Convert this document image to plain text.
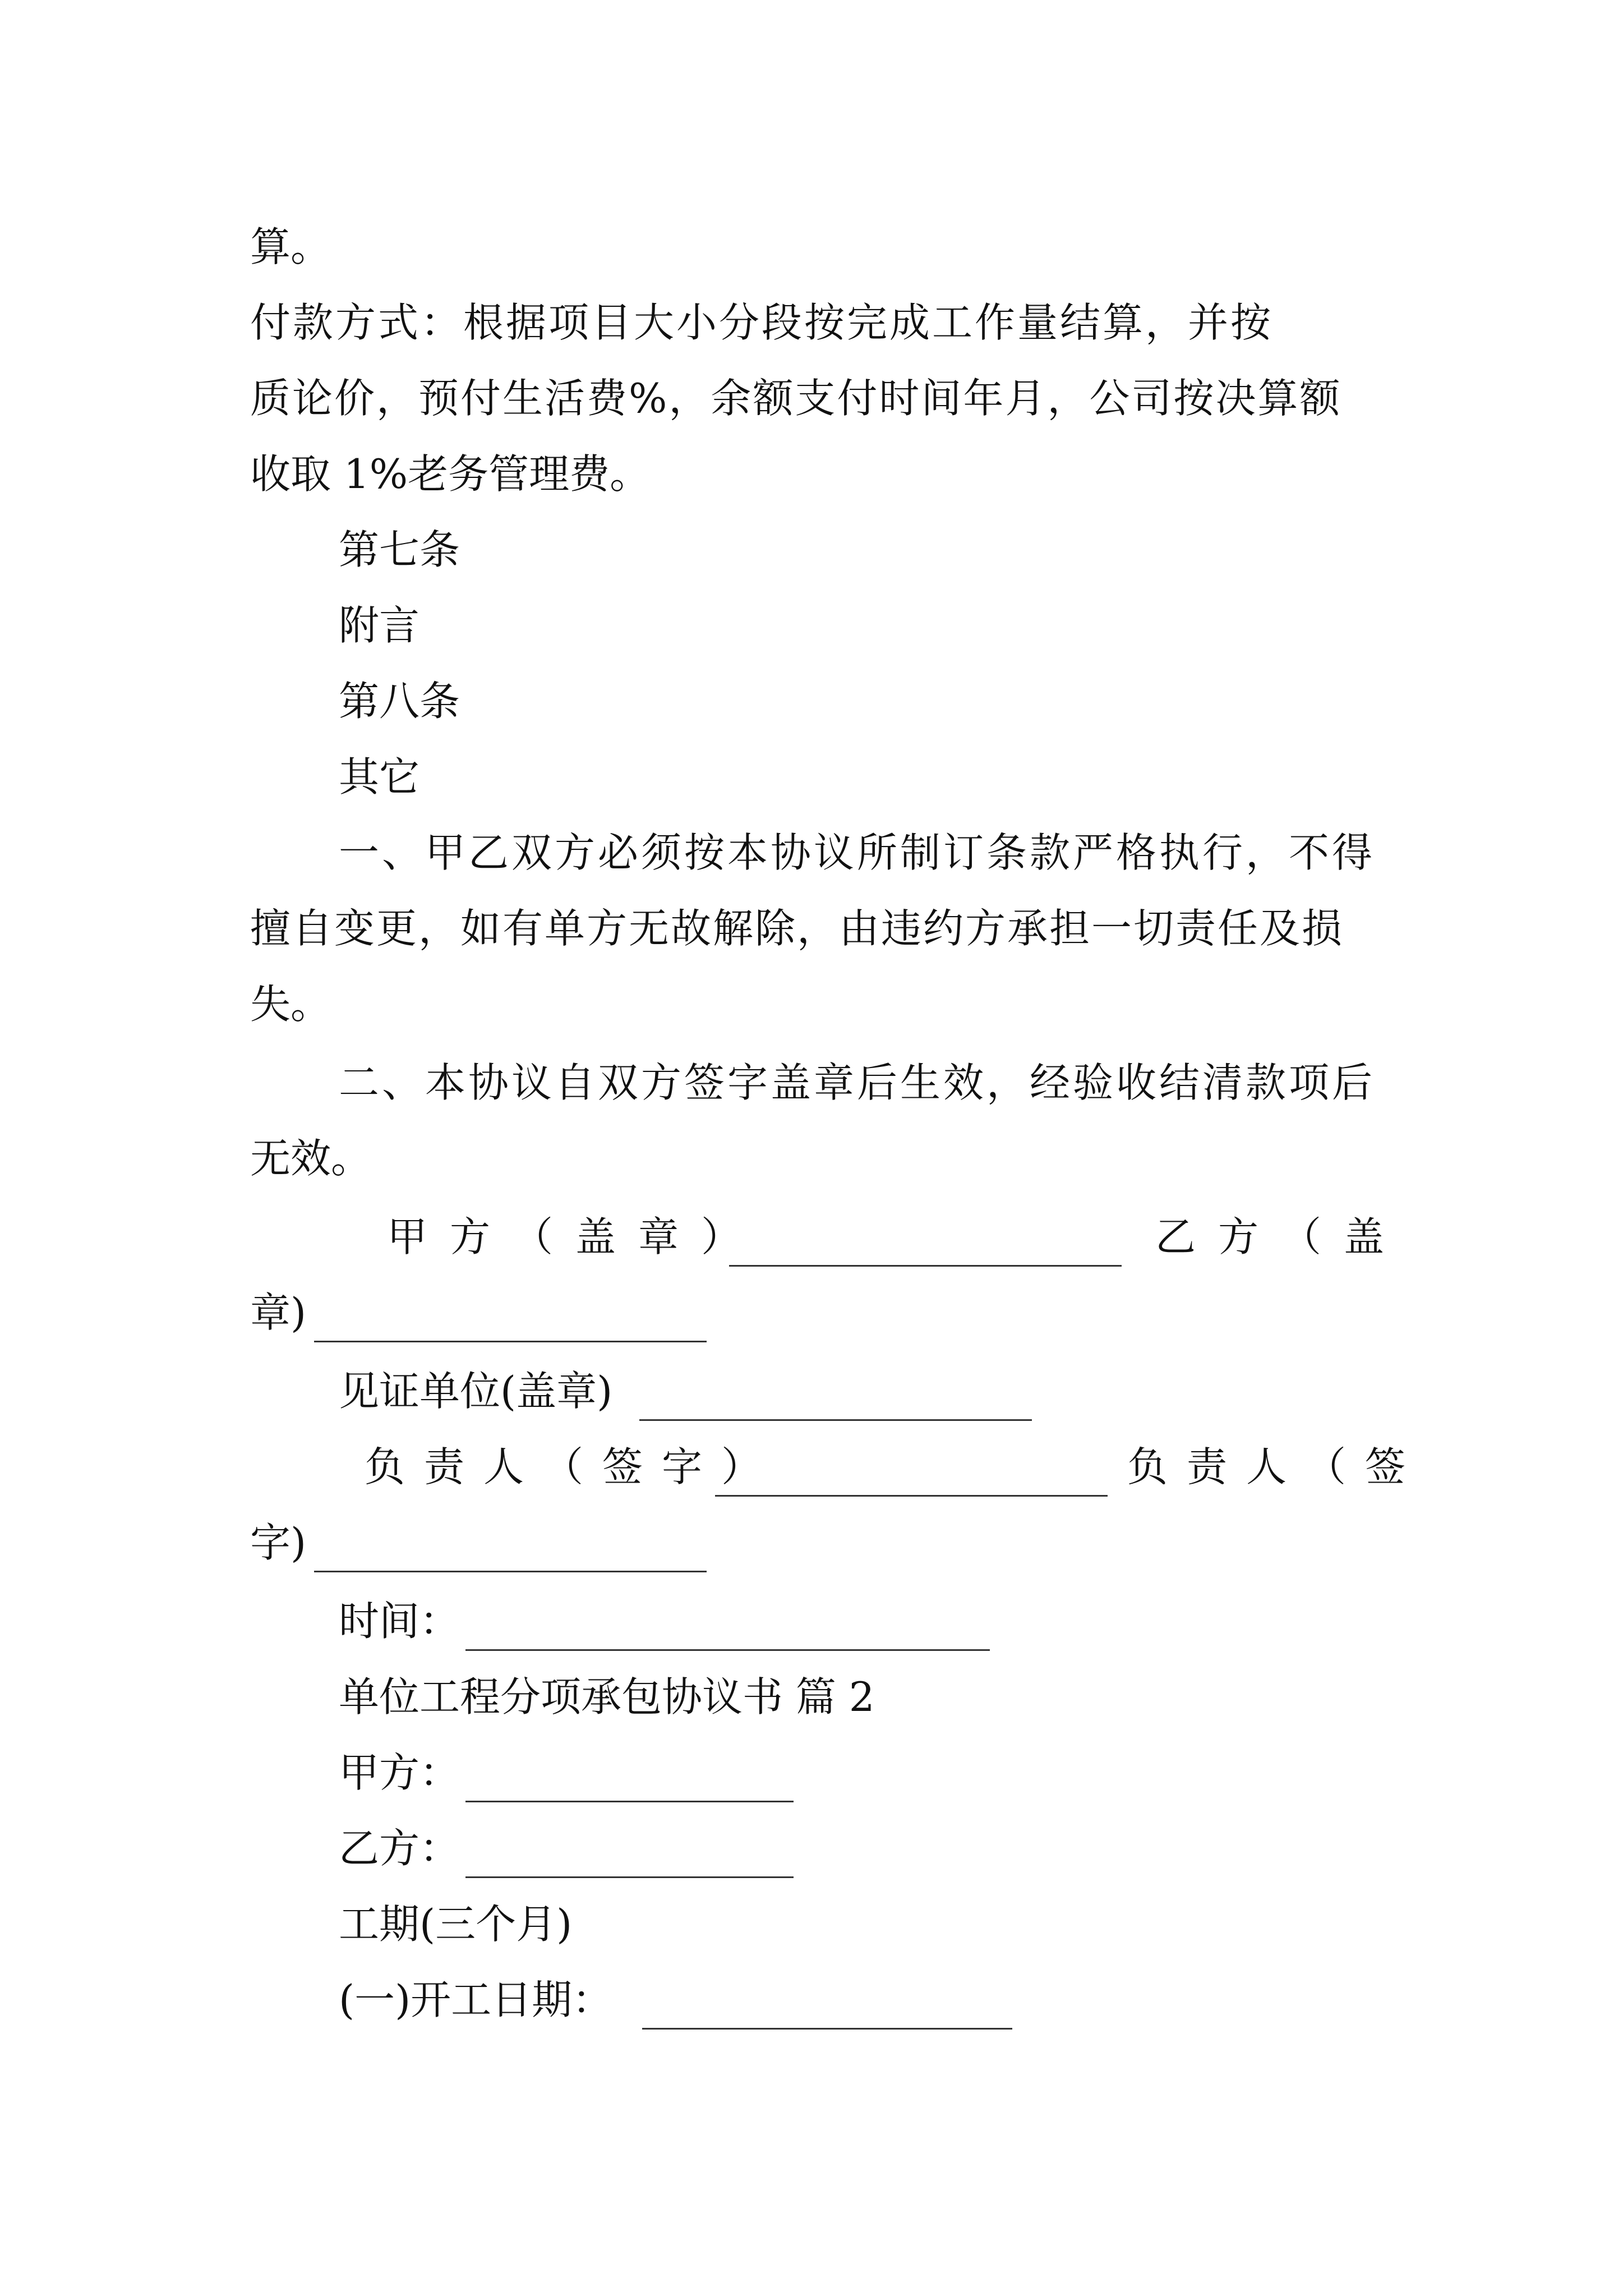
算。
付款方式：根据项目大小分段按完成工作量结算，并按
质论价，预付生活费%，余额支付时间年月，公司按决算额
收取 1%老务管理费。
第七条
附言
第八条
其它
一、甲乙双方必须按本协议所制订条款严格执行，不得
擅自变更，如有单方无故解除，由违约方承担一切责任及损
失。
二、本协议自双方签字盖章后生效，经验收结清款项后
无效。
甲方（盖章）	乙方（盖
章)
见证单位(盖章)
负责人（签字）	负责人（签
字)
时间：
单位工程分项承包协议书 篇 2
甲方：
乙方：
工期(三个月)
(一)开工日期：
